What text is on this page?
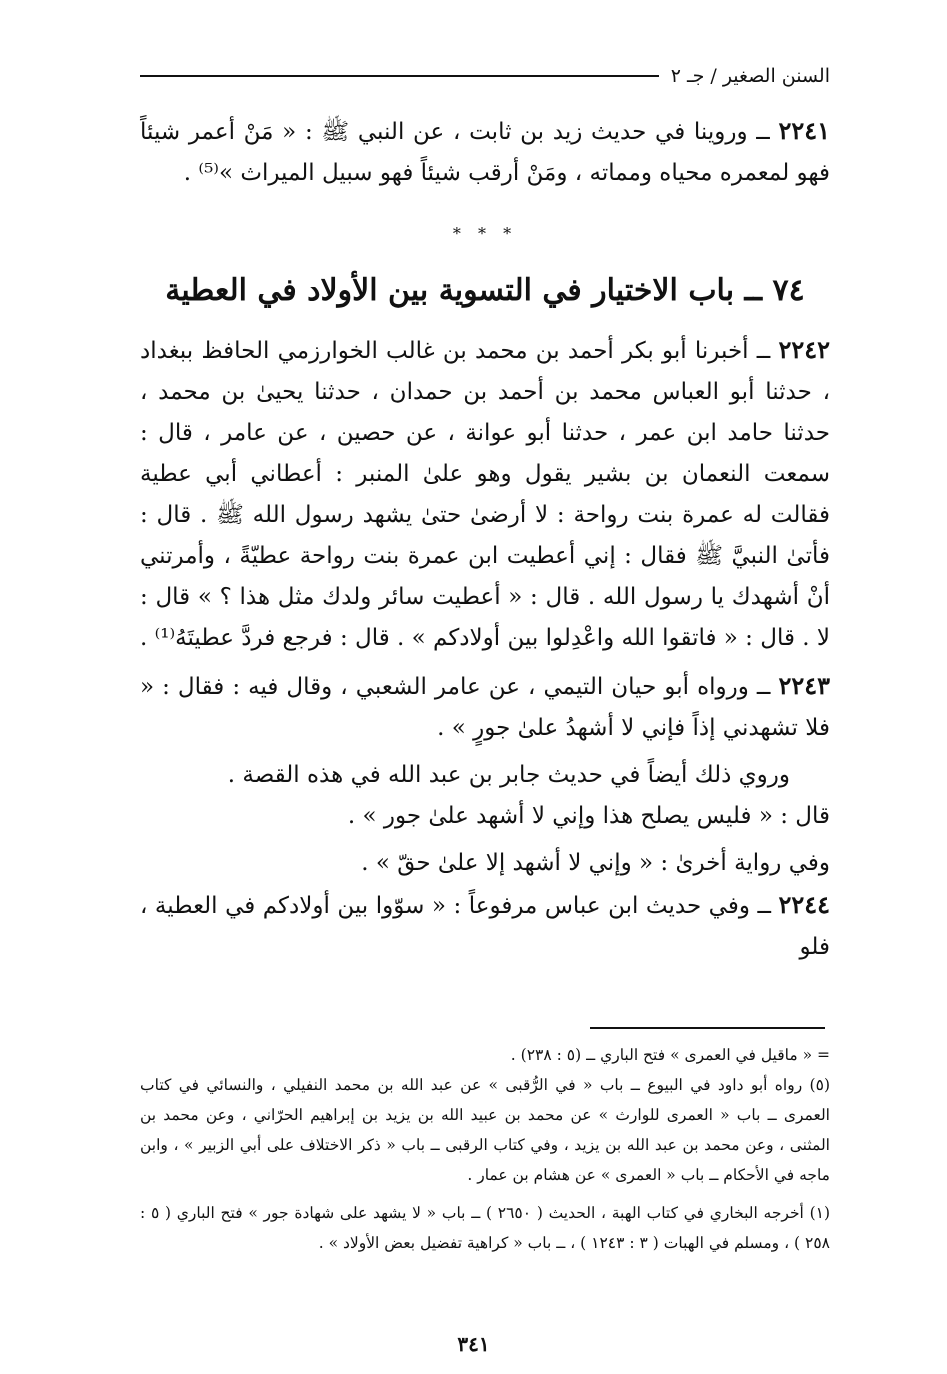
السنن الصغير / جـ ٢

٢٢٤١ ــ وروينا في حديث زيد بن ثابت ، عن النبي ﷺ : « مَنْ أعمر شيئاً فهو لمعمره محياه ومماته ، ومَنْ أرقب شيئاً فهو سبيل الميراث »⁽⁵⁾ .

* * *
٧٤ ــ باب الاختيار في التسوية بين الأولاد في العطية

٢٢٤٢ ــ أخبرنا أبو بكر أحمد بن محمد بن غالب الخوارزمي الحافظ ببغداد ، حدثنا أبو العباس محمد بن أحمد بن حمدان ، حدثنا يحيىٰ بن محمد ، حدثنا حامد ابن عمر ، حدثنا أبو عوانة ، عن حصين ، عن عامر ، قال : سمعت النعمان بن بشير يقول وهو علىٰ المنبر : أعطاني أبي عطية فقالت له عمرة بنت رواحة : لا أرضىٰ حتىٰ يشهد رسول الله ﷺ . قال : فأتىٰ النبيَّ ﷺ فقال : إني أعطيت ابن عمرة بنت رواحة عطيّةً ، وأمرتني أنْ أشهدك يا رسول الله . قال : « أعطيت سائر ولدك مثل هذا ؟ » قال : لا . قال : « فاتقوا الله واعْدِلوا بين أولادكم » . قال : فرجع فردَّ عطيتَهُ⁽¹⁾ .

٢٢٤٣ ــ ورواه أبو حيان التيمي ، عن عامر الشعبي ، وقال فيه : فقال : « فلا تشهدني إذاً فإني لا أشهدُ علىٰ جورٍ » .

وروي ذلك أيضاً في حديث جابر بن عبد الله في هذه القصة .

قال : « فليس يصلح هذا وإني لا أشهد علىٰ جور » .

وفي رواية أخرىٰ : « وإني لا أشهد إلا علىٰ حقّ » .

٢٢٤٤ ــ وفي حديث ابن عباس مرفوعاً : « سوّوا بين أولادكم في العطية ، فلو

= « ماقيل في العمرى » فتح الباري ــ (٥ : ٢٣٨) .

(٥) رواه أبو داود في البيوع ــ باب « في الرُّقبى » عن عبد الله بن محمد النفيلي ، والنسائي في كتاب العمرى ــ باب « العمرى للوارث » عن محمد بن عبيد الله بن يزيد بن إبراهيم الحرّاني ، وعن محمد بن المثنى ، وعن محمد بن عبد الله بن يزيد ، وفي كتاب الرقبى ــ باب « ذكر الاختلاف على أبي الزبير » ، وابن ماجه في الأحكام ــ باب « العمرى » عن هشام بن عمار .

(١) أخرجه البخاري في كتاب الهبة ، الحديث ( ٢٦٥٠ ) ــ باب « لا يشهد على شهادة جور » فتح الباري ( ٥ : ٢٥٨ ) ، ومسلم في الهبات ( ٣ : ١٢٤٣ ) ، ــ باب « كراهية تفضيل بعض الأولاد » .

٣٤١
